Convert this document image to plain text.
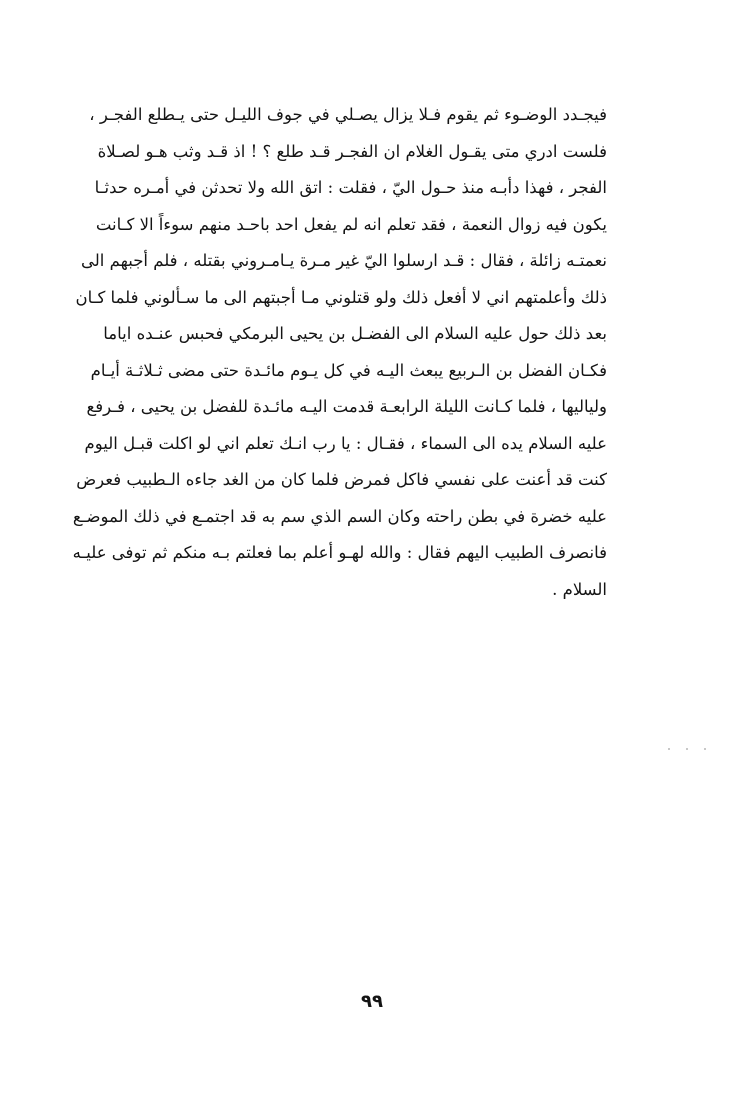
فيجـدد الوضـوء ثم يقوم فـلا يزال يصـلي في جوف الليـل حتى يـطلع الفجـر ،
فلست ادري متى يقـول الغلام ان الفجـر قـد طلع ؟ ! اذ قـد وثب هـو لصـلاة
الفجر ، فهذا دأبـه منذ حـول اليّ ، فقلت : اتق الله ولا تحدثن في أمـره حدثـا
يكون فيه زوال النعمة ، فقد تعلم انه لم يفعل احد باحـد منهم سوءاً الا كـانت
نعمتـه زائلة ، فقال : قـد ارسلوا اليّ غير مـرة يـامـروني بقتله ، فلم أجبهم الى
ذلك وأعلمتهم اني لا أفعل ذلك ولو قتلوني مـا أجبتهم الى ما سـألوني فلما كـان
بعد ذلك حول عليه السلام الى الفضـل بن يحيى البرمكي فحبس عنـده اياما
فكـان الفضل بن الـربيع يبعث اليـه في كل يـوم مائـدة حتى مضى ثـلاثـة أيـام
ولياليها ، فلما كـانت الليلة الرابعـة قدمت اليـه مائـدة للفضل بن يحيى ، فـرفع
عليه السلام يده الى السماء ، فقـال : يا رب انـك تعلم اني لو اكلت قبـل اليوم
كنت قد أعنت على نفسي فاكل فمرض فلما كان من الغد جاءه الـطبيب فعرض
عليه خضرة في بطن راحته وكان السم الذي سم به قد اجتمـع في ذلك الموضـع
فانصرف الطبيب اليهم فقال : والله لهـو أعلم بما فعلتم بـه منكم ثم توفى عليـه
السلام .
٩٩
